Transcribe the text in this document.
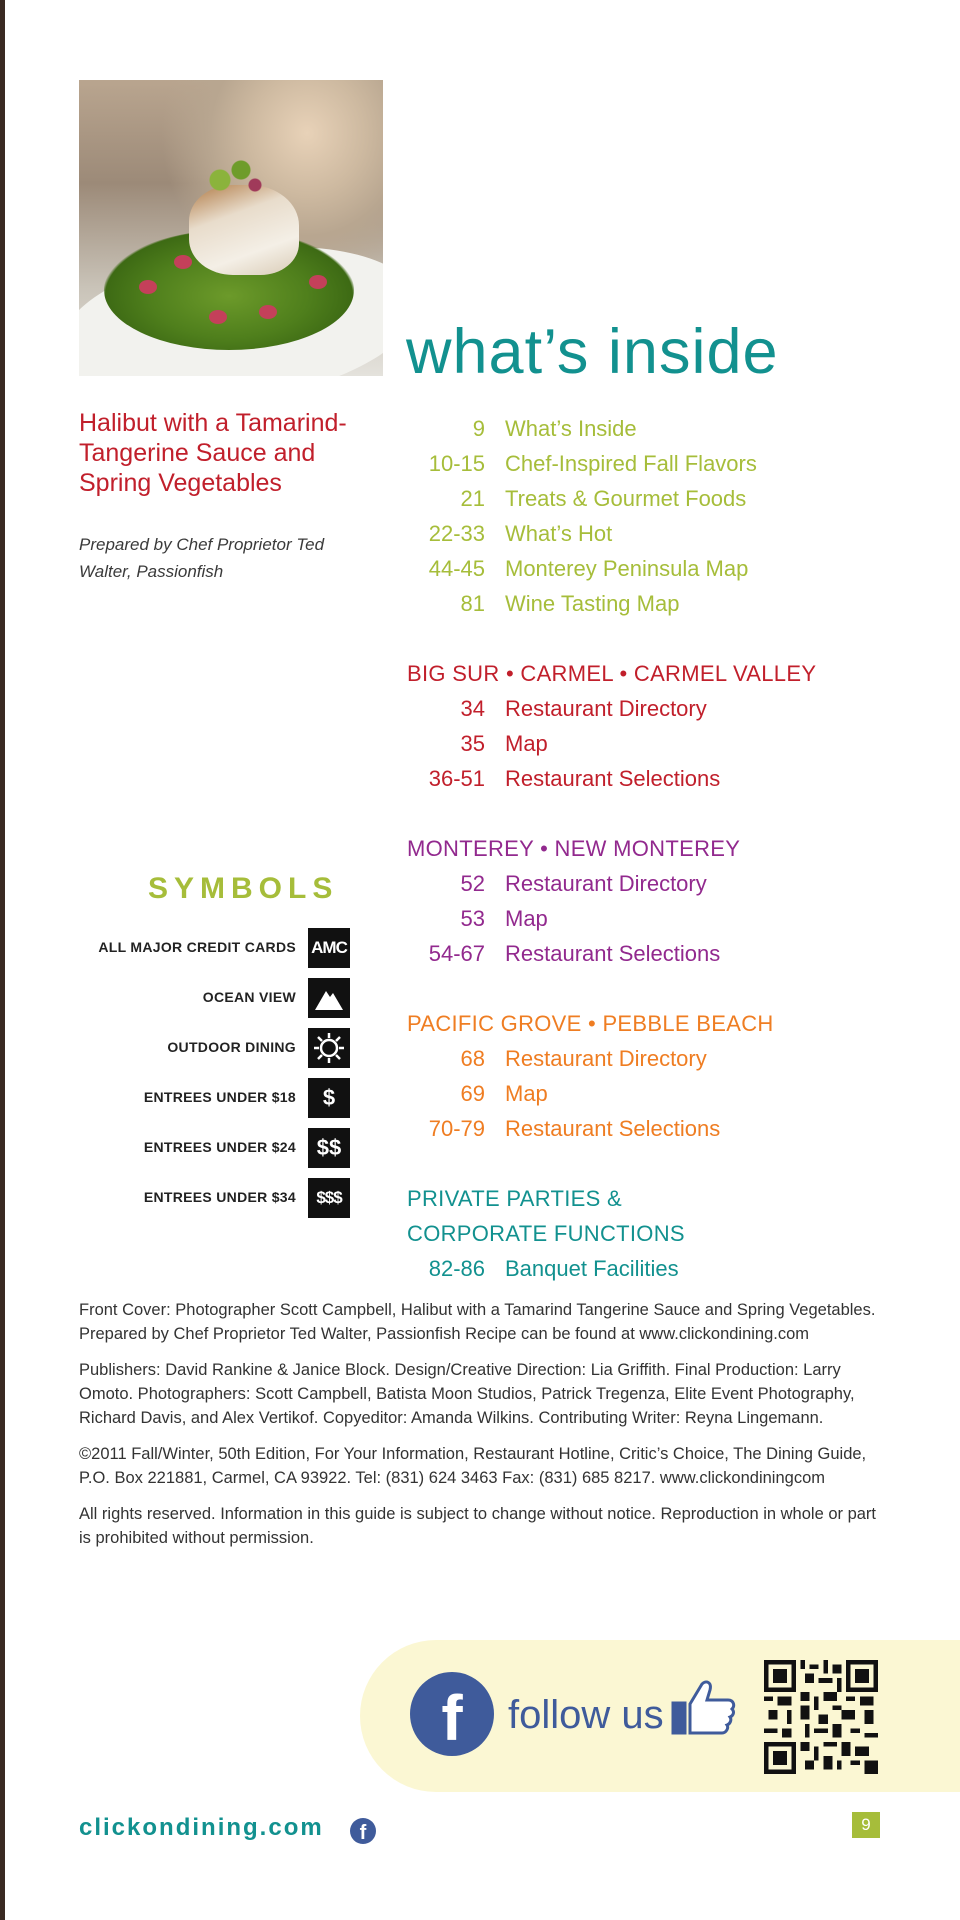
Halibut with a Tamarind-Tangerine Sauce and Spring Vegetables
Prepared by Chef Proprietor Ted Walter, Passionfish
what’s inside
9 What’s Inside
10-15 Chef-Inspired Fall Flavors
21 Treats & Gourmet Foods
22-33 What’s Hot
44-45 Monterey Peninsula Map
81 Wine Tasting Map
BIG SUR • CARMEL • CARMEL VALLEY
34 Restaurant Directory
35 Map
36-51 Restaurant Selections
MONTEREY • NEW MONTEREY
52 Restaurant Directory
53 Map
54-67 Restaurant Selections
PACIFIC GROVE • PEBBLE BEACH
68 Restaurant Directory
69 Map
70-79 Restaurant Selections
PRIVATE PARTIES &
CORPORATE FUNCTIONS
82-86 Banquet Facilities
SYMBOLS
ALL MAJOR CREDIT CARDS AMC
OCEAN VIEW
OUTDOOR DINING
ENTREES UNDER $18	$
ENTREES UNDER $24 $$
ENTREES UNDER $34	$$$

Front Cover: Photographer Scott Campbell, Halibut with a Tamarind Tangerine Sauce and Spring Vegetables. Prepared by Chef Proprietor Ted Walter, Passionfish Recipe can be found at www.clickondining.com

Publishers: David Rankine & Janice Block. Design/Creative Direction: Lia Griffith. Final Production: Larry Omoto. Photographers: Scott Campbell, Batista Moon Studios, Patrick Tregenza, Elite Event Photography, Richard Davis, and Alex Vertikof. Copyeditor: Amanda Wilkins. Contributing Writer: Reyna Lingemann.

©2011 Fall/Winter, 50th Edition, For Your Information, Restaurant Hotline, Critic’s Choice, The Dining Guide, P.O. Box 221881, Carmel, CA 93922. Tel: (831) 624 3463 Fax: (831) 685 8217. www.clickondiningcom

All rights reserved. Information in this guide is subject to change without notice. Reproduction in whole or part is prohibited without permission.

f	follow us
clickondining.com	f	9
